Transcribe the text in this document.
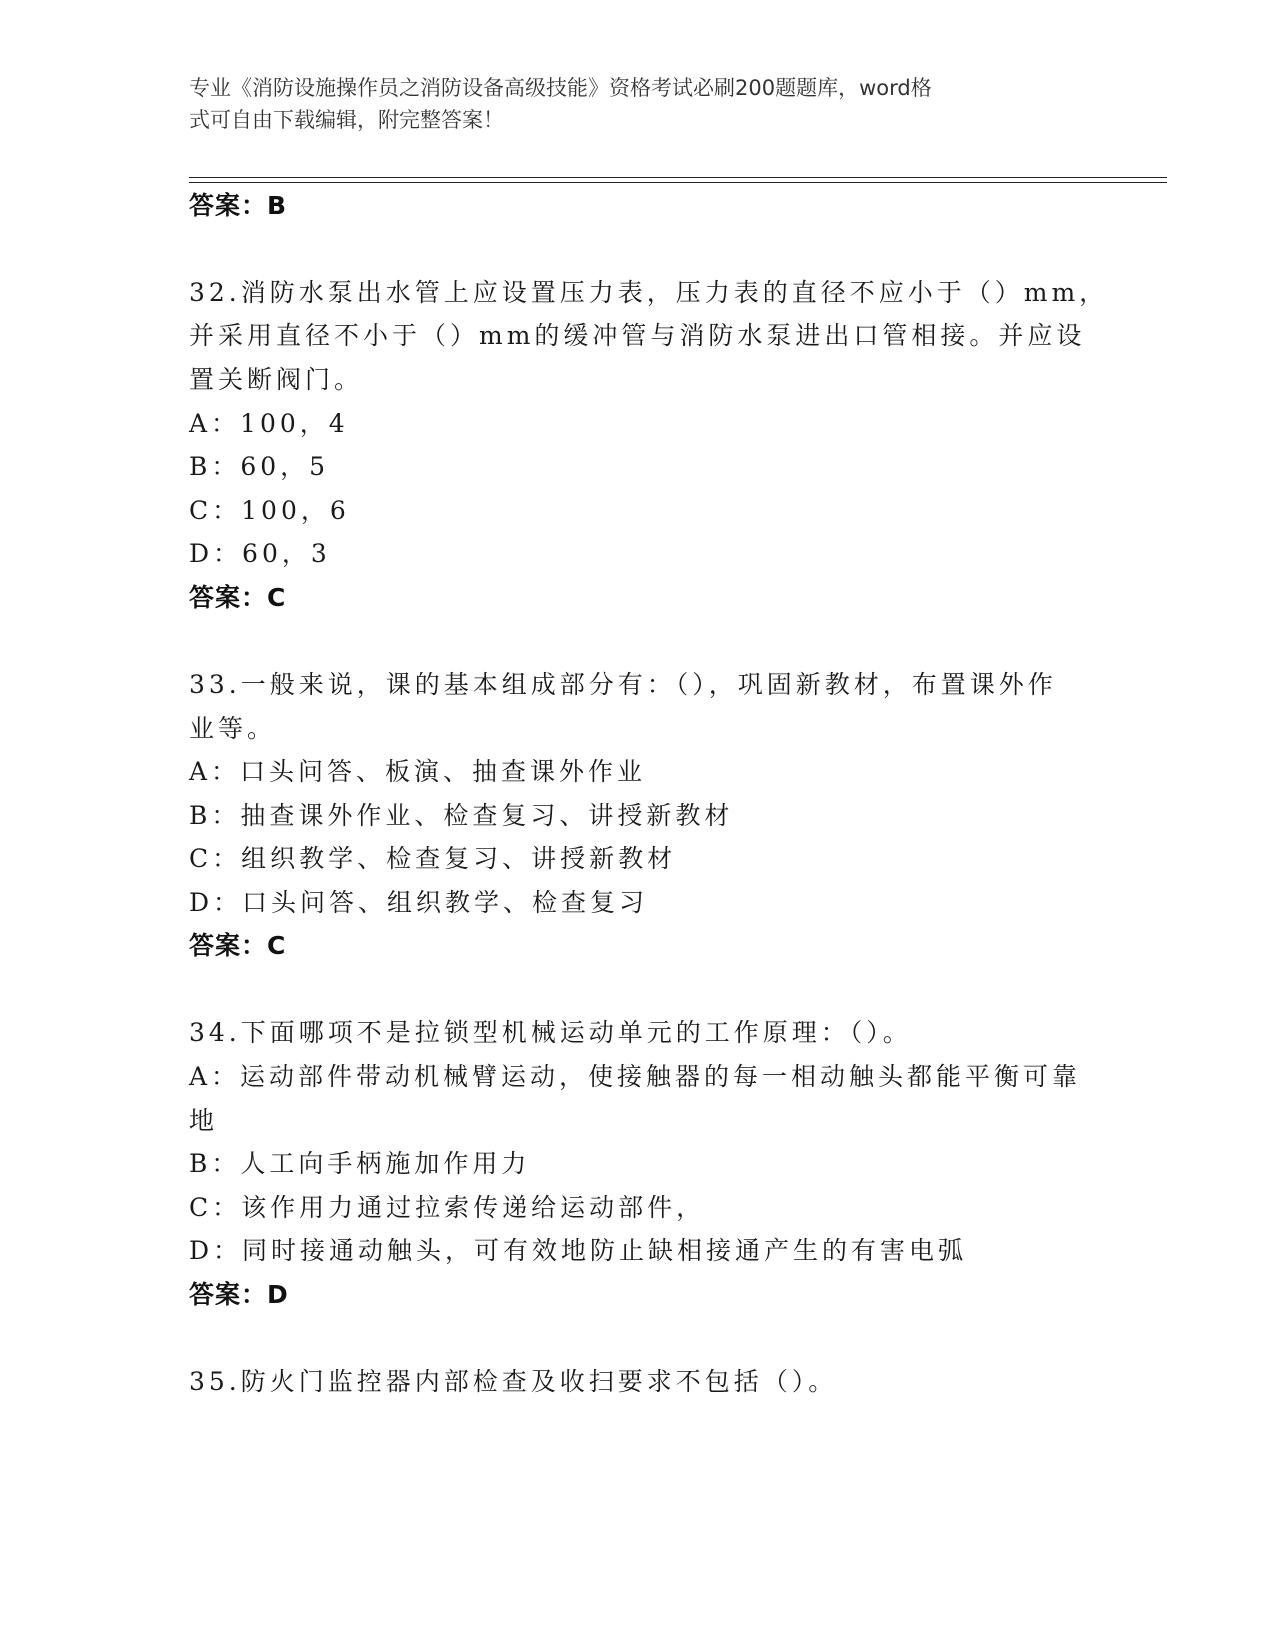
专业《消防设施操作员之消防设备高级技能》资格考试必刷200题题库，word格
式可自由下载编辑，附完整答案！
答案：B
32.消防水泵出水管上应设置压力表，压力表的直径不应小于（）mm，
并采用直径不小于（）mm的缓冲管与消防水泵进出口管相接。并应设
置关断阀门。
A：100，4
B：60，5
C：100，6
D：60，3
答案：C
33.一般来说，课的基本组成部分有：（），巩固新教材，布置课外作
业等。
A：口头问答、板演、抽查课外作业
B：抽查课外作业、检查复习、讲授新教材
C：组织教学、检查复习、讲授新教材
D：口头问答、组织教学、检查复习
答案：C
34.下面哪项不是拉锁型机械运动单元的工作原理：（）。
A：运动部件带动机械臂运动，使接触器的每一相动触头都能平衡可靠
地
B：人工向手柄施加作用力
C：该作用力通过拉索传递给运动部件，
D：同时接通动触头，可有效地防止缺相接通产生的有害电弧
答案：D
35.防火门监控器内部检查及收扫要求不包括（）。
